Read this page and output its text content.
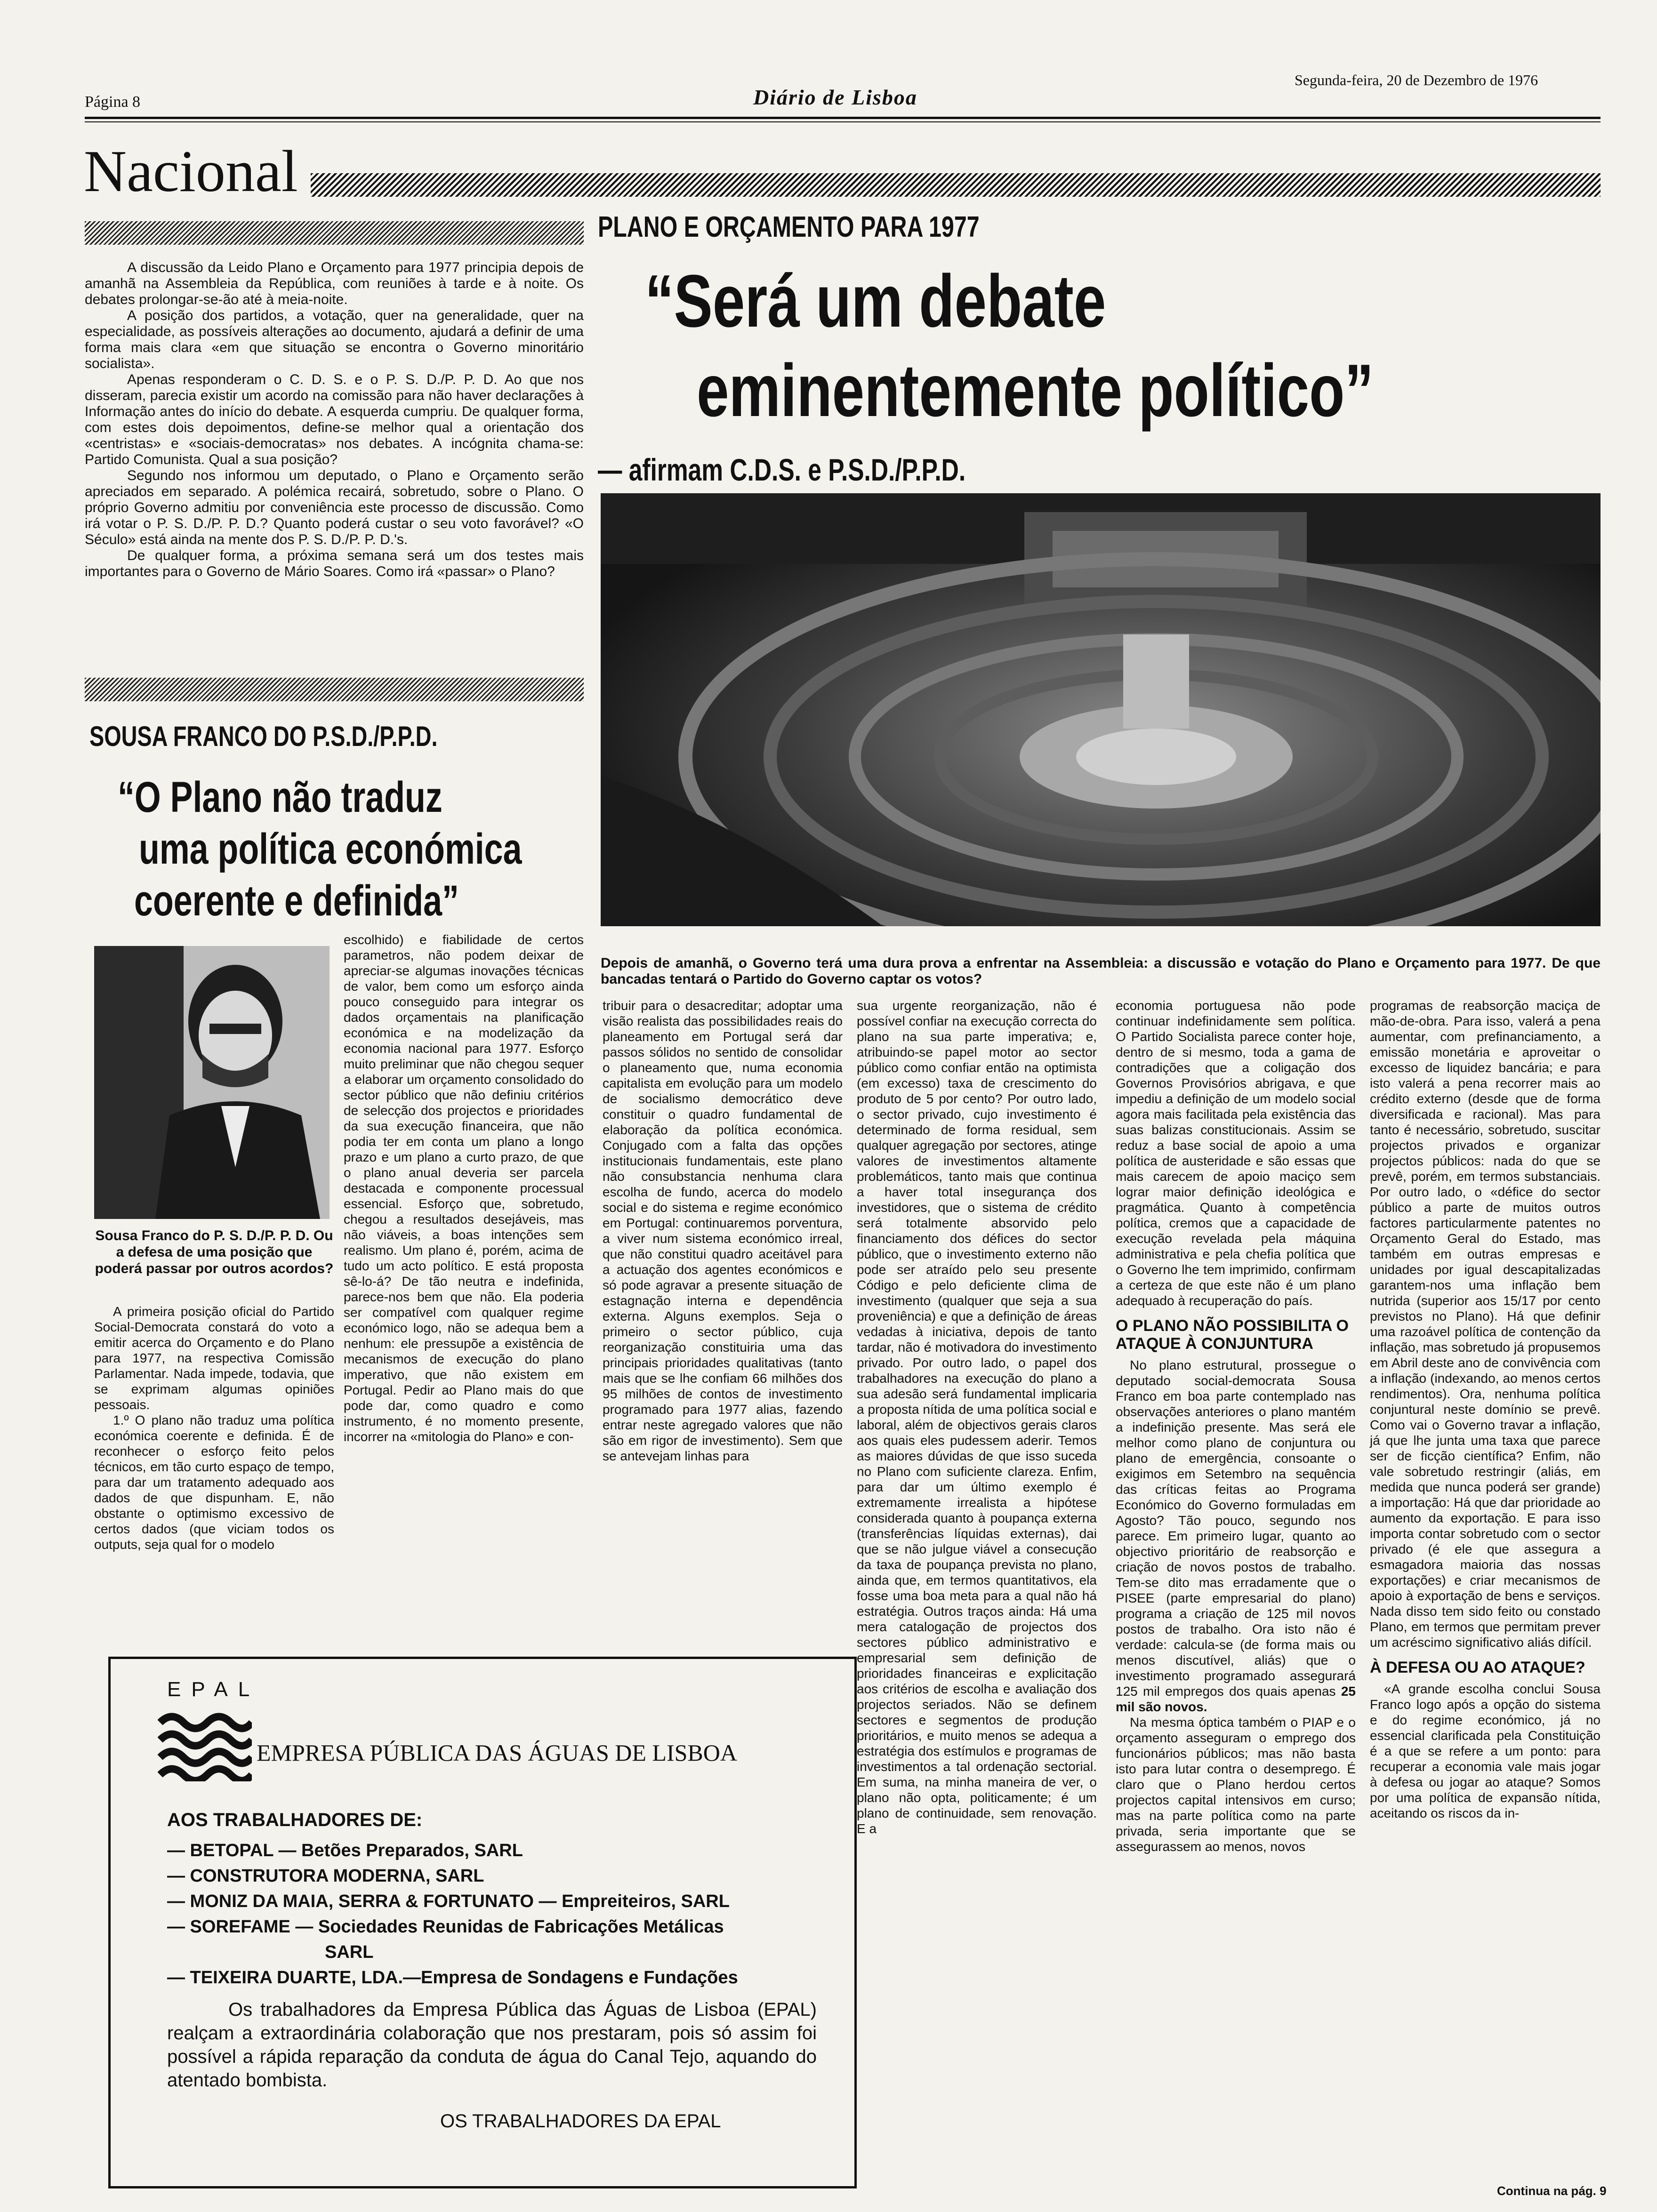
Página 8	Diário de Lisboa
Segunda-feira, 20 de Dezembro de 1976
Nacional

A discussão da Leido Plano e Orçamento para 1977 principia depois de amanhã na Assembleia da República, com reuniões à tarde e à noite. Os debates prolongar-se-ão até à meia-noite.

A posição dos partidos, a votação, quer na generalidade, quer na especialidade, as possíveis alterações ao documento, ajudará a definir de uma forma mais clara «em que situação se encontra o Governo minoritário socialista».

Apenas responderam o C. D. S. e o P. S. D./P. P. D. Ao que nos disseram, parecia existir um acordo na comissão para não haver declarações à Informação antes do início do debate. A esquerda cumpriu. De qualquer forma, com estes dois depoimentos, define-se melhor qual a orientação dos «centristas» e «sociais-democratas» nos debates. A incógnita chama-se: Partido Comunista. Qual a sua posição?

Segundo nos informou um deputado, o Plano e Orçamento serão apreciados em separado. A polémica recairá, sobretudo, sobre o Plano. O próprio Governo admitiu por conveniência este processo de discussão. Como irá votar o P. S. D./P. P. D.? Quanto poderá custar o seu voto favorável? «O Século» está ainda na mente dos P. S. D./P. P. D.'s.

De qualquer forma, a próxima semana será um dos testes mais importantes para o Governo de Mário Soares. Como irá «passar» o Plano?

PLANO E ORÇAMENTO PARA 1977
“Será um debate
eminentemente político”
— afirmam C.D.S. e P.S.D./P.P.D.
Depois de amanhã, o Governo terá uma dura prova a enfrentar na Assembleia: a discussão e votação do Plano e Orçamento para 1977. De que bancadas tentará o Partido do Governo captar os votos?
SOUSA FRANCO DO P.S.D./P.P.D.
“O Plano não traduz
uma política económica
coerente e definida”
Sousa Franco do P. S. D./P. P. D. Ou a defesa de uma posição que poderá passar por outros acordos?

A primeira posição oficial do Partido Social-Democrata constará do voto a emitir acerca do Orçamento e do Plano para 1977, na respectiva Comissão Parlamentar. Nada impede, todavia, que se exprimam algumas opiniões pessoais.

1.º O plano não traduz uma política económica coerente e definida. É de reconhecer o esforço feito pelos técnicos, em tão curto espaço de tempo, para dar um tratamento adequado aos dados de que dispunham. E, não obstante o optimismo excessivo de certos dados (que viciam todos os outputs, seja qual for o modelo

escolhido) e fiabilidade de certos parametros, não podem deixar de apreciar-se algumas inovações técnicas de valor, bem como um esforço ainda pouco conseguido para integrar os dados orçamentais na planificação económica e na modelização da economia nacional para 1977. Esforço muito preliminar que não chegou sequer a elaborar um orçamento consolidado do sector público que não definiu critérios de selecção dos projectos e prioridades da sua execução financeira, que não podia ter em conta um plano a longo prazo e um plano a curto prazo, de que o plano anual deveria ser parcela destacada e componente processual essencial. Esforço que, sobretudo, chegou a resultados desejáveis, mas não viáveis, a boas intenções sem realismo. Um plano é, porém, acima de tudo um acto político. E está proposta sê-lo-á? De tão neutra e indefinida, parece-nos bem que não. Ela poderia ser compatível com qualquer regime económico logo, não se adequa bem a nenhum: ele pressupõe a existência de mecanismos de execução do plano imperativo, que não existem em Portugal. Pedir ao Plano mais do que pode dar, como quadro e como instrumento, é no momento presente, incorrer na «mitologia do Plano» e con-
tribuir para o desacreditar; adoptar uma visão realista das possibilidades reais do planeamento em Portugal será dar passos sólidos no sentido de consolidar o planeamento que, numa economia capitalista em evolução para um modelo de socialismo democrático deve constituir o quadro fundamental de elaboração da política económica. Conjugado com a falta das opções institucionais fundamentais, este plano não consubstancia nenhuma clara escolha de fundo, acerca do modelo social e do sistema e regime económico em Portugal: continuaremos porventura, a viver num sistema económico irreal, que não constitui quadro aceitável para a actuação dos agentes económicos e só pode agravar a presente situação de estagnação interna e dependência externa. Alguns exemplos. Seja o primeiro o sector público, cuja reorganização constituiria uma das principais prioridades qualitativas (tanto mais que se lhe confiam 66 milhões dos 95 milhões de contos de investimento programado para 1977 alias, fazendo entrar neste agregado valores que não são em rigor de investimento). Sem que se antevejam linhas para
sua urgente reorganização, não é possível confiar na execução correcta do plano na sua parte imperativa; e, atribuindo-se papel motor ao sector público como confiar então na optimista (em excesso) taxa de crescimento do produto de 5 por cento? Por outro lado, o sector privado, cujo investimento é determinado de forma residual, sem qualquer agregação por sectores, atinge valores de investimentos altamente problemáticos, tanto mais que continua a haver total insegurança dos investidores, que o sistema de crédito será totalmente absorvido pelo financiamento dos défices do sector público, que o investimento externo não pode ser atraído pelo seu presente Código e pelo deficiente clima de investimento (qualquer que seja a sua proveniência) e que a definição de áreas vedadas à iniciativa, depois de tanto tardar, não é motivadora do investimento privado. Por outro lado, o papel dos trabalhadores na execução do plano a sua adesão será fundamental implicaria a proposta nítida de uma política social e laboral, além de objectivos gerais claros aos quais eles pudessem aderir. Temos as maiores dúvidas de que isso suceda no Plano com suficiente clareza. Enfim, para dar um último exemplo é extremamente irrealista a hipótese considerada quanto à poupança externa (transferências líquidas externas), dai que se não julgue viável a consecução da taxa de poupança prevista no plano, ainda que, em termos quantitativos, ela fosse uma boa meta para a qual não há estratégia. Outros traços ainda: Há uma mera catalogação de projectos dos sectores público administrativo e empresarial sem definição de prioridades financeiras e explicitação aos critérios de escolha e avaliação dos projectos seriados. Não se definem sectores e segmentos de produção prioritários, e muito menos se adequa a estratégia dos estímulos e programas de investimentos a tal ordenação sectorial. Em suma, na minha maneira de ver, o plano não opta, politicamente; é um plano de continuidade, sem renovação. E a

economia portuguesa não pode continuar indefinidamente sem política. O Partido Socialista parece conter hoje, dentro de si mesmo, toda a gama de contradições que a coligação dos Governos Provisórios abrigava, e que impediu a definição de um modelo social agora mais facilitada pela existência das suas balizas constitucionais. Assim se reduz a base social de apoio a uma política de austeridade e são essas que mais carecem de apoio maciço sem lograr maior definição ideológica e pragmática. Quanto à competência política, cremos que a capacidade de execução revelada pela máquina administrativa e pela chefia política que o Governo lhe tem imprimido, confirmam a certeza de que este não é um plano adequado à recuperação do país.

O PLANO NÃO POSSIBILITA O ATAQUE À CONJUNTURA

No plano estrutural, prossegue o deputado social-democrata Sousa Franco em boa parte contemplado nas observações anteriores o plano mantém a indefinição presente. Mas será ele melhor como plano de conjuntura ou plano de emergência, consoante o exigimos em Setembro na sequência das críticas feitas ao Programa Económico do Governo formuladas em Agosto? Tão pouco, segundo nos parece. Em primeiro lugar, quanto ao objectivo prioritário de reabsorção e criação de novos postos de trabalho. Tem-se dito mas erradamente que o PISEE (parte empresarial do plano) programa a criação de 125 mil novos postos de trabalho. Ora isto não é verdade: calcula-se (de forma mais ou menos discutível, aliás) que o investimento programado assegurará 125 mil empregos dos quais apenas 25 mil são novos.

Na mesma óptica também o PIAP e o orçamento asseguram o emprego dos funcionários públicos; mas não basta isto para lutar contra o desemprego. É claro que o Plano herdou certos projectos capital intensivos em curso; mas na parte política como na parte privada, seria importante que se assegurassem ao menos, novos

programas de reabsorção maciça de mão-de-obra. Para isso, valerá a pena aumentar, com prefinanciamento, a emissão monetária e aproveitar o excesso de liquidez bancária; e para isto valerá a pena recorrer mais ao crédito externo (desde que de forma diversificada e racional). Mas para tanto é necessário, sobretudo, suscitar projectos privados e organizar projectos públicos: nada do que se prevê, porém, em termos substanciais. Por outro lado, o «défice do sector público a parte de muitos outros factores particularmente patentes no Orçamento Geral do Estado, mas também em outras empresas e unidades por igual descapitalizadas garantem-nos uma inflação bem nutrida (superior aos 15/17 por cento previstos no Plano). Há que definir uma razoável política de contenção da inflação, mas sobretudo já propusemos em Abril deste ano de convivência com a inflação (indexando, ao menos certos rendimentos). Ora, nenhuma política conjuntural neste domínio se prevê. Como vai o Governo travar a inflação, já que lhe junta uma taxa que parece ser de ficção científica? Enfim, não vale sobretudo restringir (aliás, em medida que nunca poderá ser grande) a importação: Há que dar prioridade ao aumento da exportação. E para isso importa contar sobretudo com o sector privado (é ele que assegura a esmagadora maioria das nossas exportações) e criar mecanismos de apoio à exportação de bens e serviços. Nada disso tem sido feito ou constado Plano, em termos que permitam prever um acréscimo significativo aliás difícil.

À DEFESA OU AO ATAQUE?

«A grande escolha conclui Sousa Franco logo após a opção do sistema e do regime económico, já no essencial clarificada pela Constituição é a que se refere a um ponto: para recuperar a economia vale mais jogar à defesa ou jogar ao ataque? Somos por uma política de expansão nítida, aceitando os riscos da in-

Continua na pág. 9
EPAL
EMPRESA PÚBLICA DAS ÁGUAS DE LISBOA
AOS TRABALHADORES DE:
— BETOPAL — Betões Preparados, SARL
— CONSTRUTORA MODERNA, SARL
— MONIZ DA MAIA, SERRA & FORTUNATO — Empreiteiros, SARL
— SOREFAME — Sociedades Reunidas de Fabricações Metálicas
SARL
— TEIXEIRA DUARTE, LDA.—Empresa de Sondagens e Fundações
Os trabalhadores da Empresa Pública das Águas de Lisboa (EPAL) realçam a extraordinária colaboração que nos prestaram, pois só assim foi possível a rápida reparação da conduta de água do Canal Tejo, aquando do atentado bombista.
OS TRABALHADORES DA EPAL
